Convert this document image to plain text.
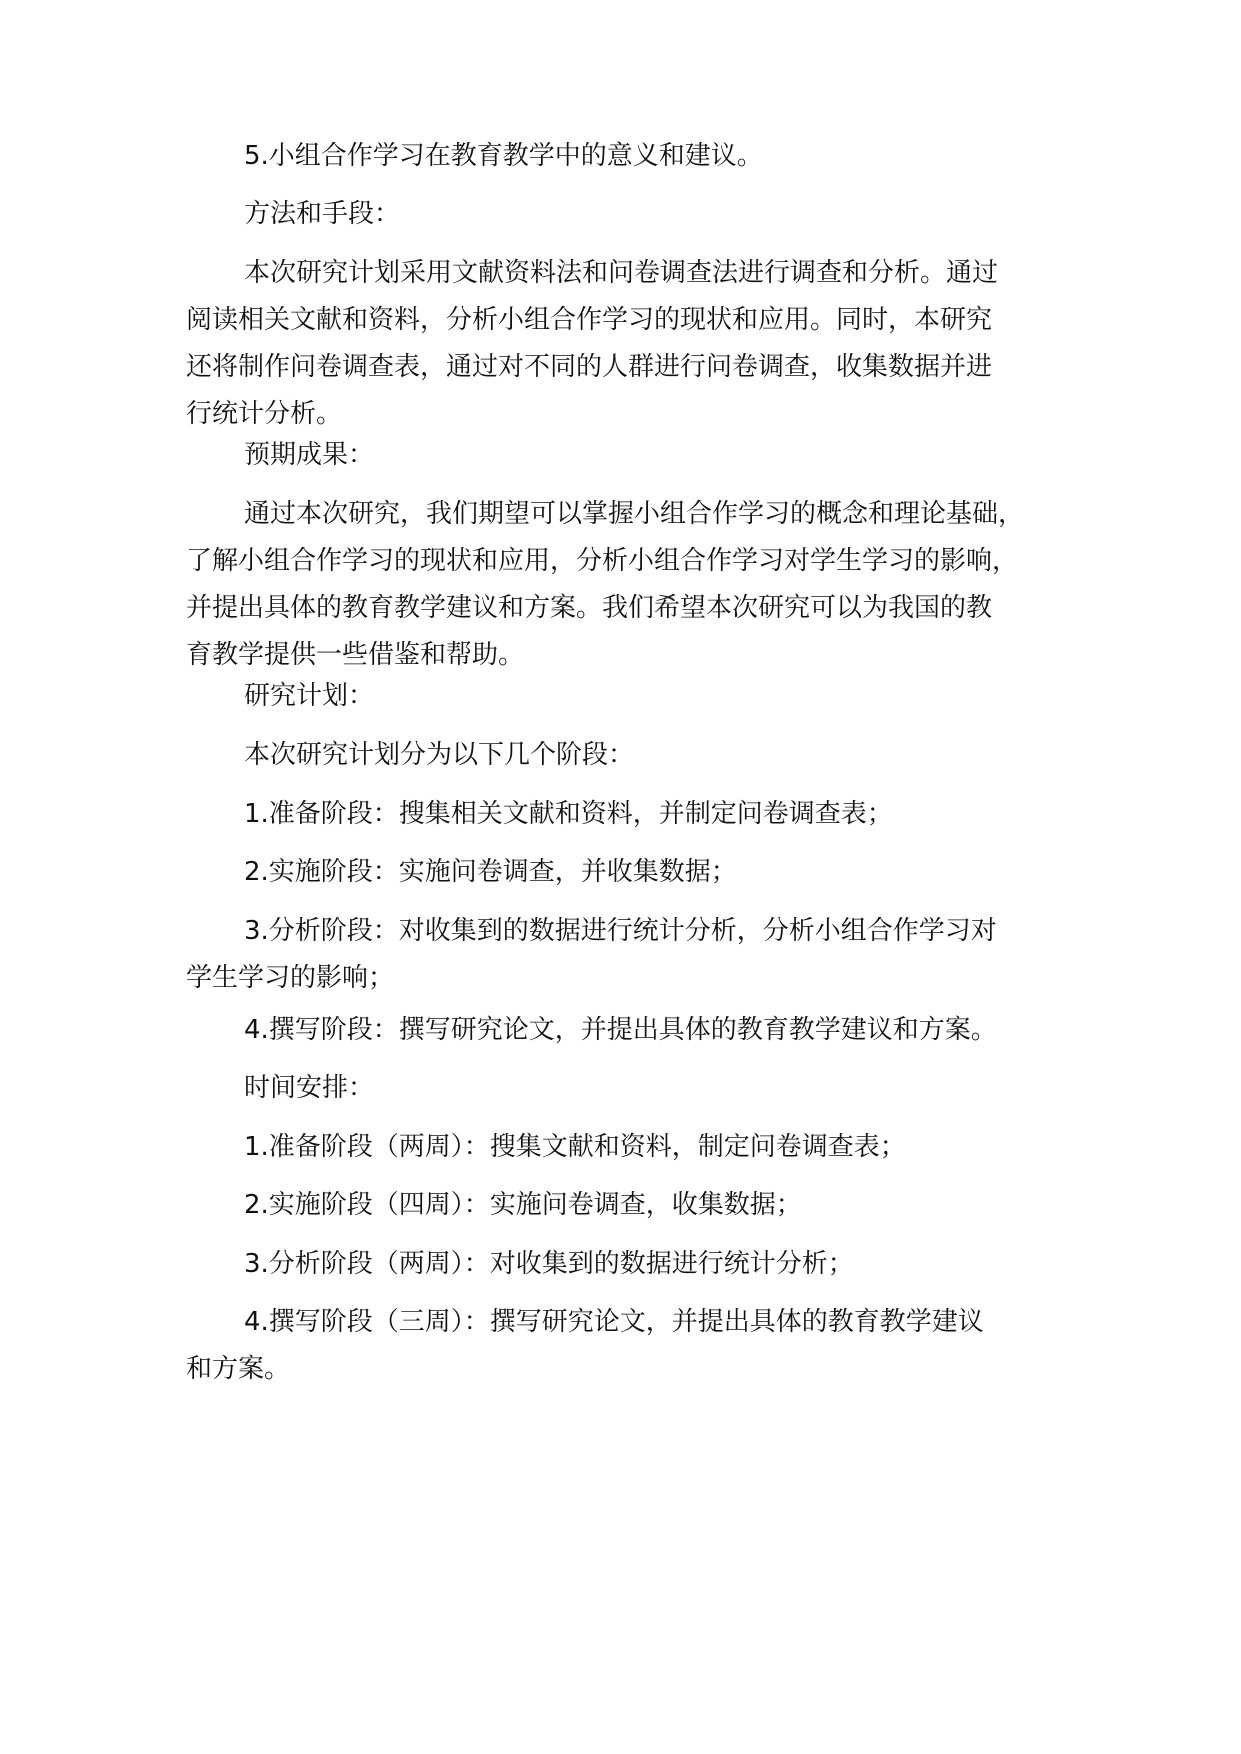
5.小组合作学习在教育教学中的意义和建议。

方法和手段：

本次研究计划采用文献资料法和问卷调查法进行调查和分析。通过
阅读相关文献和资料，分析小组合作学习的现状和应用。同时，本研究
还将制作问卷调查表，通过对不同的人群进行问卷调查，收集数据并进
行统计分析。

预期成果：

通过本次研究，我们期望可以掌握小组合作学习的概念和理论基础，
了解小组合作学习的现状和应用，分析小组合作学习对学生学习的影响，
并提出具体的教育教学建议和方案。我们希望本次研究可以为我国的教
育教学提供一些借鉴和帮助。

研究计划：

本次研究计划分为以下几个阶段：

1.准备阶段：搜集相关文献和资料，并制定问卷调查表；

2.实施阶段：实施问卷调查，并收集数据；

3.分析阶段：对收集到的数据进行统计分析，分析小组合作学习对
学生学习的影响；

4.撰写阶段：撰写研究论文，并提出具体的教育教学建议和方案。

时间安排：

1.准备阶段（两周）：搜集文献和资料，制定问卷调查表；

2.实施阶段（四周）：实施问卷调查，收集数据；

3.分析阶段（两周）：对收集到的数据进行统计分析；

4.撰写阶段（三周）：撰写研究论文，并提出具体的教育教学建议
和方案。
